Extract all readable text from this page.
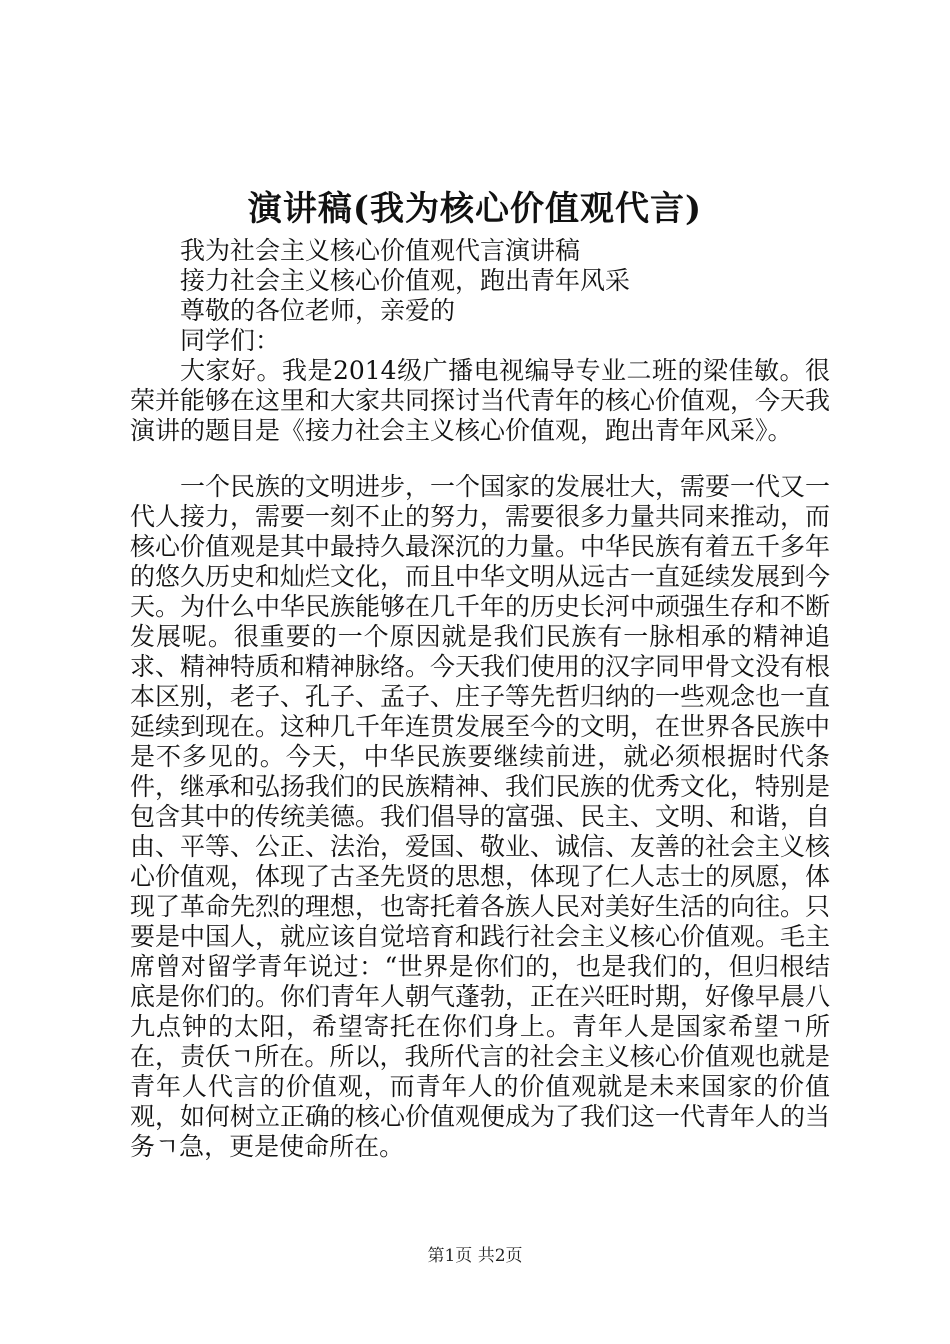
演讲稿(我为核心价值观代言)
我为社会主义核心价值观代言演讲稿
接力社会主义核心价值观，跑出青年风采
尊敬的各位老师，亲爱的
同学们：

大家好。我是2014级广播电视编导专业二班的梁佳敏。很荣并能够在这里和大家共同探讨当代青年的核心价值观，今天我演讲的题目是《接力社会主义核心价值观，跑出青年风采》。

一个民族的文明进步，一个国家的发展壮大，需要一代又一代人接力，需要一刻不止的努力，需要很多力量共同来推动，而核心价值观是其中最持久最深沉的力量。中华民族有着五千多年的悠久历史和灿烂文化，而且中华文明从远古一直延续发展到今天。为什么中华民族能够在几千年的历史长河中顽强生存和不断发展呢。很重要的一个原因就是我们民族有一脉相承的精神追求、精神特质和精神脉络。今天我们使用的汉字同甲骨文没有根本区别，老子、孔子、孟子、庄子等先哲归纳的一些观念也一直延续到现在。这种几千年连贯发展至今的文明，在世界各民族中是不多见的。今天，中华民族要继续前进，就必须根据时代条件，继承和弘扬我们的民族精神、我们民族的优秀文化，特别是包含其中的传统美德。我们倡导的富强、民主、文明、和谐，自由、平等、公正、法治，爱国、敬业、诚信、友善的社会主义核心价值观，体现了古圣先贤的思想，体现了仁人志士的夙愿，体现了革命先烈的理想，也寄托着各族人民对美好生活的向往。只要是中国人，就应该自觉培育和践行社会主义核心价值观。毛主席曾对留学青年说过：“世界是你们的，也是我们的，但归根结底是你们的。你们青年人朝气蓬勃，正在兴旺时期，好像早晨八九点钟的太阳，希望寄托在你们身上。青年人是国家希望ㄱ所在，责仸ㄱ所在。所以，我所代言的社会主义核心价值观也就是青年人代言的价值观，而青年人的价值观就是未来国家的价值观，如何树立正确的核心价值观便成为了我们这一代青年人的当务ㄱ急，更是使命所在。

第1页 共2页
